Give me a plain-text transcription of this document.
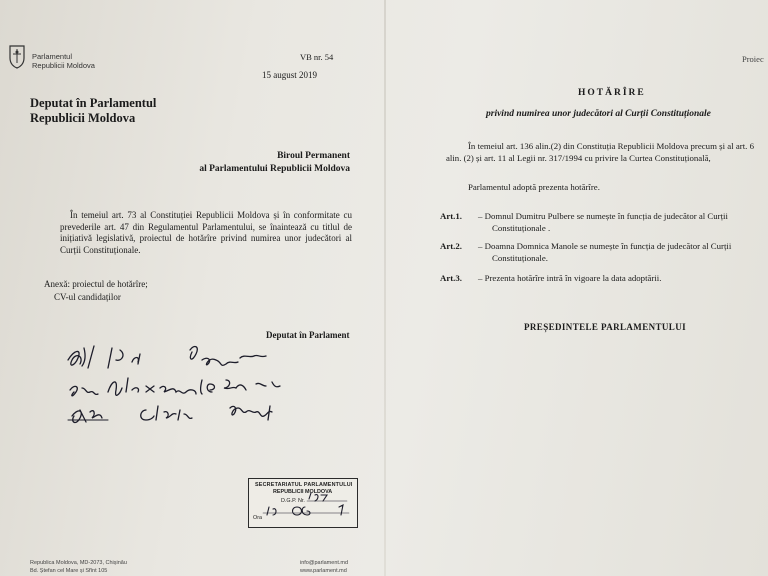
Parlamentul
Republicii Moldova
VB nr. 54
15 august 2019
Proiec
Deputat în Parlamentul
Republicii Moldova
Biroul Permanent
al Parlamentului Republicii Moldova
În temeiul art. 73 al Constituției Republicii Moldova și în conformitate cu prevederile art. 47 din Regulamentul Parlamentului, se înaintează cu titlul de inițiativă legislativă, proiectul de hotărîre privind numirea unor judecători al Curții Constituționale.
Anexă: proiectul de hotărîre;
CV-ul candidaților
Deputat în Parlament
HOTĂRÎRE
privind numirea unor judecători al Curții Constituționale
În temeiul art. 136 alin.(2) din Constituția Republicii Moldova precum și al art. 6 alin. (2) și art. 11 al Legii nr. 317/1994 cu privire la Curtea Constituțională,
Parlamentul adoptă prezenta hotărîre.
Art.1. – Domnul Dumitru Pulbere se numește în funcția de judecător al Curții
Constituționale .
Art.2. – Doamna Domnica Manole se numește în funcția de judecător al Curții
Constituționale.
Art.3. – Prezenta hotărîre intră în vigoare la data adoptării.
PREȘEDINTELE PARLAMENTULUI
SECRETARIATUL PARLAMENTULUI
REPUBLICII MOLDOVA
D.G.P. Nr.
Ora
Republica Moldova, MD-2073, Chișinău
Bd. Ștefan cel Mare și Sfînt 105
info@parlament.md
www.parlament.md
